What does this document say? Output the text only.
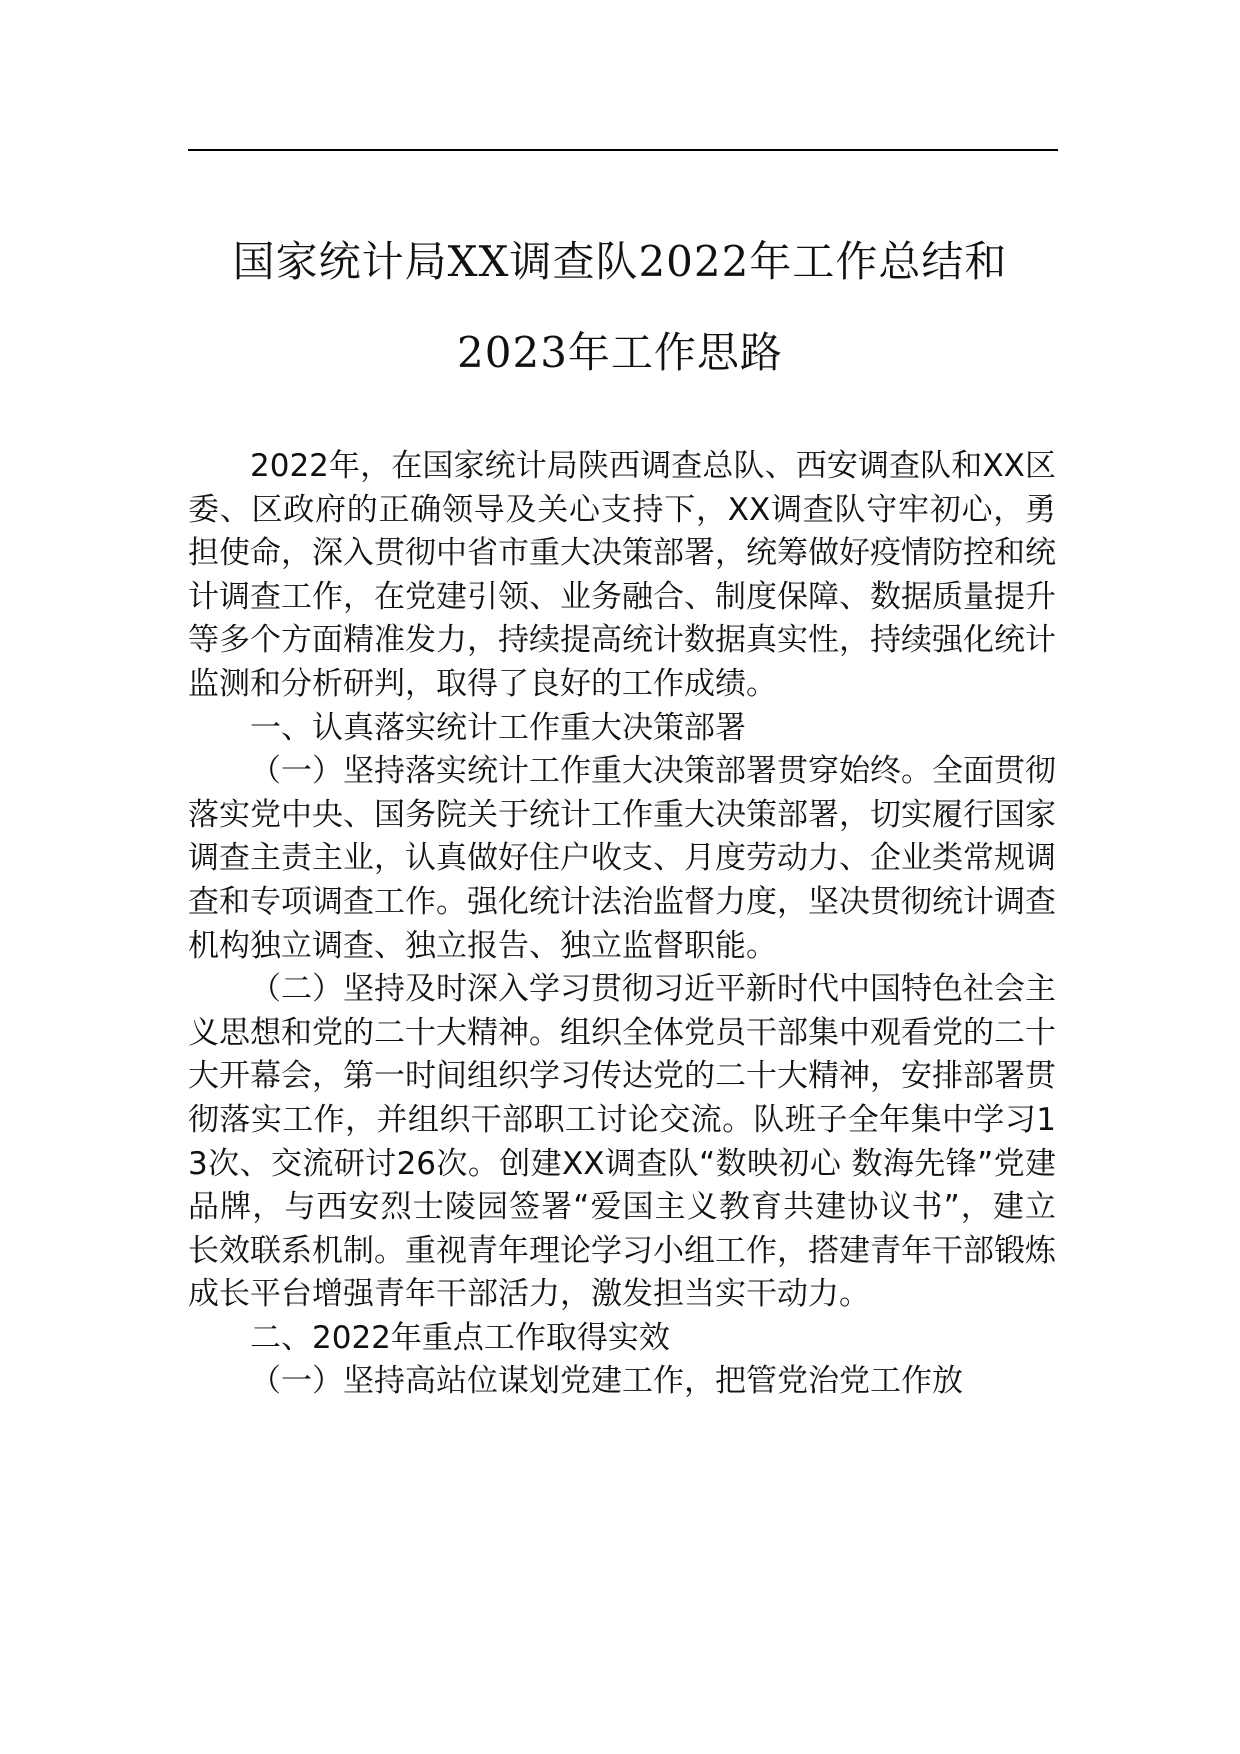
国家统计局XX调查队2022年工作总结和
2023年工作思路

2022年，在国家统计局陕西调查总队、西安调查队和XX区委、区政府的正确领导及关心支持下，XX调查队守牢初心，勇担使命，深入贯彻中省市重大决策部署，统筹做好疫情防控和统计调查工作，在党建引领、业务融合、制度保障、数据质量提升等多个方面精准发力，持续提高统计数据真实性，持续强化统计监测和分析研判，取得了良好的工作成绩。

一、认真落实统计工作重大决策部署

（一）坚持落实统计工作重大决策部署贯穿始终。全面贯彻落实党中央、国务院关于统计工作重大决策部署，切实履行国家调查主责主业，认真做好住户收支、月度劳动力、企业类常规调查和专项调查工作。强化统计法治监督力度，坚决贯彻统计调查机构独立调查、独立报告、独立监督职能。

（二）坚持及时深入学习贯彻习近平新时代中国特色社会主义思想和党的二十大精神。组织全体党员干部集中观看党的二十大开幕会，第一时间组织学习传达党的二十大精神，安排部署贯彻落实工作，并组织干部职工讨论交流。队班子全年集中学习13次、交流研讨26次。创建XX调查队“数映初心 数海先锋”党建品牌，与西安烈士陵园签署“爱国主义教育共建协议书”，建立长效联系机制。重视青年理论学习小组工作，搭建青年干部锻炼成长平台增强青年干部活力，激发担当实干动力。

二、2022年重点工作取得实效

（一）坚持高站位谋划党建工作，把管党治党工作放
